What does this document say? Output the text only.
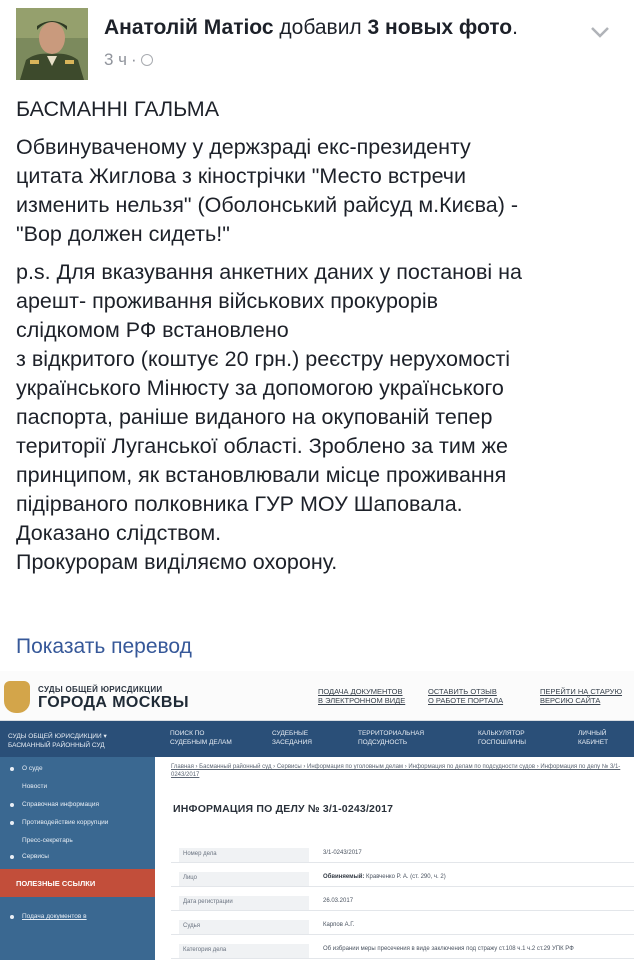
Анатолій Матіос добавил 3 новых фото.
3 ч ·

БАСМАННІ ГАЛЬМА

Обвинуваченому у держзраді екс-президенту
цитата Жиглова з кінострічки "Место встречи
изменить нельзя" (Оболонський райсуд м.Києва) -
"Вор должен сидеть!"

p.s. Для вказування анкетних даних у постанові на
арешт- проживання військових прокурорів
слідкомом РФ встановлено
з відкритого (коштує 20 грн.) реєстру нерухомості
українського Мінюсту за допомогою українського
паспорта, раніше виданого на окупованій тепер
території Луганської області. Зроблено за тим же
принципом, як встановлювали місце проживання
підірваного полковника ГУР МОУ Шаповала.
Доказано слідством.
Прокурорам виділяємо охорону.

Показать перевод
СУДЫ ОБЩЕЙ ЮРИСДИКЦИИ
ГОРОДА МОСКВЫ
ПОДАЧА ДОКУМЕНТОВ
В ЭЛЕКТРОННОМ ВИДЕ
ОСТАВИТЬ ОТЗЫВ
О РАБОТЕ ПОРТАЛА
ПЕРЕЙТИ НА СТАРУЮ
ВЕРСИЮ САЙТА
СУДЫ ОБЩЕЙ ЮРИСДИКЦИИ ▾
БАСМАННЫЙ РАЙОННЫЙ СУД
ПОИСК ПО
СУДЕБНЫМ ДЕЛАМ
СУДЕБНЫЕ
ЗАСЕДАНИЯ
ТЕРРИТОРИАЛЬНАЯ
ПОДСУДНОСТЬ
КАЛЬКУЛЯТОР
ГОСПОШЛИНЫ
ЛИЧНЫЙ
КАБИНЕТ
О суде
Новости
Справочная информация
Противодействие коррупции
Пресс-секретарь
Сервисы
ПОЛЕЗНЫЕ ССЫЛКИ
Подача документов в
Главная › Басманный районный суд › Сервисы › Информация по уголовным делам › Информация по делам по подсудности судов › Информация по делу № 3/1-0243/2017
ИНФОРМАЦИЯ ПО ДЕЛУ № 3/1-0243/2017
Номер дела	3/1-0243/2017
Лицо	Обвиняемый: Кравченко Р. А. (ст. 290, ч. 2)
Дата регистрации	26.03.2017
Судья	Карпов А.Г.
Категория дела	Об избрании меры пресечения в виде заключения под стражу ст.108 ч.1 ч.2 ст.29 УПК РФ
